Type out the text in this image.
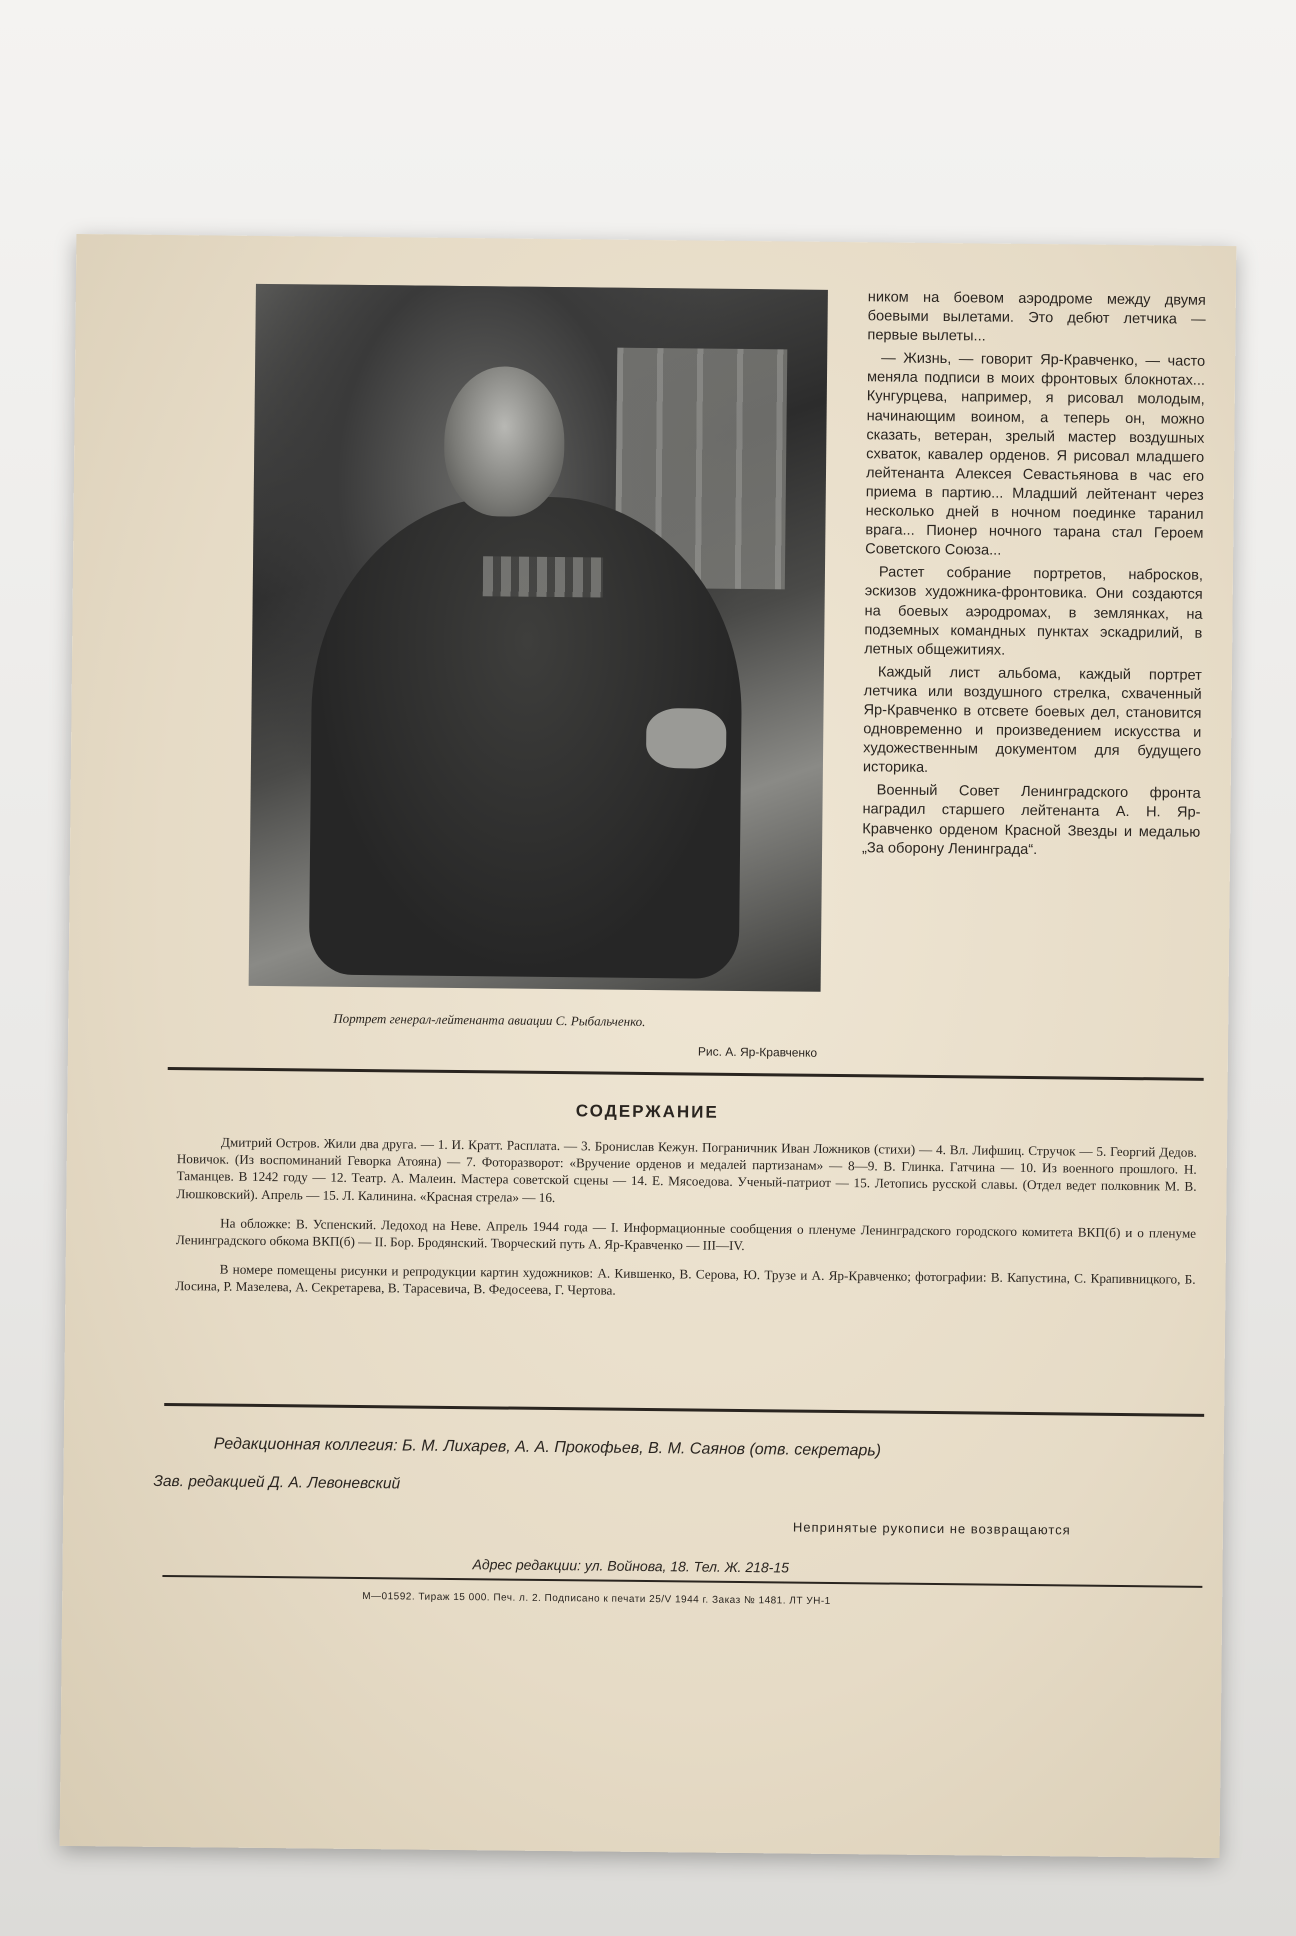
Портрет генерал-лейтенанта авиации С. Рыбальченко.
Рис. А. Яр-Кравченко

ником на боевом аэродроме между двумя боевыми вылетами. Это дебют летчика — первые вылеты...

— Жизнь, — говорит Яр-Кравченко, — часто меняла подписи в моих фронтовых блокнотах... Кунгурцева, например, я рисовал молодым, начинающим воином, а теперь он, можно сказать, ветеран, зрелый мастер воздушных схваток, кавалер орденов. Я рисовал младшего лейтенанта Алексея Севастьянова в час его приема в партию... Младший лейтенант через несколько дней в ночном поединке таранил врага... Пионер ночного тарана стал Героем Советского Союза...

Растет собрание портретов, набросков, эскизов художника-фронтовика. Они создаются на боевых аэродромах, в землянках, на подземных командных пунктах эскадрилий, в летных общежитиях.

Каждый лист альбома, каждый портрет летчика или воздушного стрелка, схваченный Яр-Кравченко в отсвете боевых дел, становится одновременно и произведением искусства и художественным документом для будущего историка.

Военный Совет Ленинградского фронта наградил старшего лейтенанта А. Н. Яр-Кравченко орденом Красной Звезды и медалью „За оборону Ленинграда“.

СОДЕРЖАНИЕ

Дмитрий Остров. Жили два друга. — 1. И. Кратт. Расплата. — 3. Бронислав Кежун. Пограничник Иван Ложников (стихи) — 4. Вл. Лифшиц. Стручок — 5. Георгий Дедов. Новичок. (Из воспоминаний Геворка Атояна) — 7. Фоторазворот: «Вручение орденов и медалей партизанам» — 8—9. В. Глинка. Гатчина — 10. Из военного прошлого. Н. Таманцев. В 1242 году — 12. Театр. А. Малеин. Мастера советской сцены — 14. Е. Мясоедова. Ученый-патриот — 15. Летопись русской славы. (Отдел ведет полковник М. В. Люшковский). Апрель — 15. Л. Калинина. «Красная стрела» — 16.

На обложке: В. Успенский. Ледоход на Неве. Апрель 1944 года — I. Информационные сообщения о пленуме Ленинградского городского комитета ВКП(б) и о пленуме Ленинградского обкома ВКП(б) — II. Бор. Бродянский. Творческий путь А. Яр-Кравченко — III—IV.

В номере помещены рисунки и репродукции картин художников: А. Кившенко, В. Серова, Ю. Трузе и А. Яр-Кравченко; фотографии: В. Капустина, С. Крапивницкого, Б. Лосина, Р. Мазелева, А. Секретарева, В. Тарасевича, В. Федосеева, Г. Чертова.

Редакционная коллегия: Б. М. Лихарев, А. А. Прокофьев, В. М. Саянов (отв. секретарь)
Зав. редакцией Д. А. Левоневский
Непринятые рукописи не возвращаются
Адрес редакции: ул. Войнова, 18. Тел. Ж. 218-15
М—01592. Тираж 15 000. Печ. л. 2. Подписано к печати 25/V 1944 г. Заказ № 1481. ЛТ УН-1
